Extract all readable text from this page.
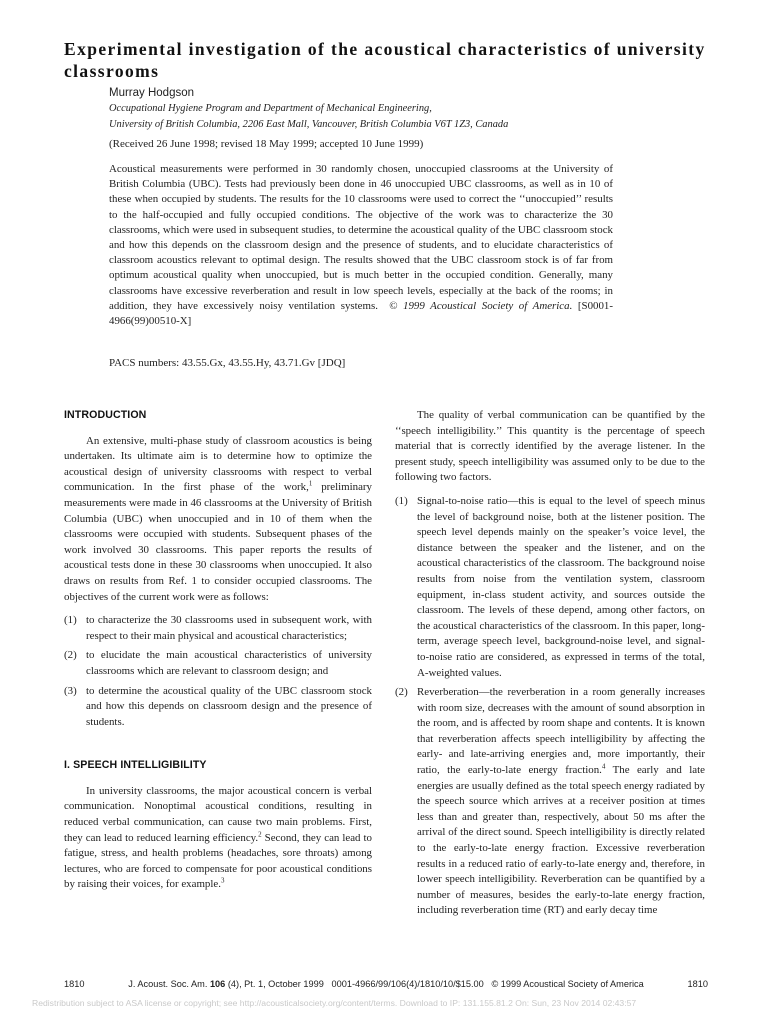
Experimental investigation of the acoustical characteristics of university classrooms
Murray Hodgson
Occupational Hygiene Program and Department of Mechanical Engineering,
University of British Columbia, 2206 East Mall, Vancouver, British Columbia V6T 1Z3, Canada
(Received 26 June 1998; revised 18 May 1999; accepted 10 June 1999)
Acoustical measurements were performed in 30 randomly chosen, unoccupied classrooms at the University of British Columbia (UBC). Tests had previously been done in 46 unoccupied UBC classrooms, as well as in 10 of these when occupied by students. The results for the 10 classrooms were used to correct the ‘‘unoccupied’’ results to the half-occupied and fully occupied conditions. The objective of the work was to characterize the 30 classrooms, which were used in subsequent studies, to determine the acoustical quality of the UBC classroom stock and how this depends on the classroom design and the presence of students, and to elucidate characteristics of classroom acoustics relevant to optimal design. The results showed that the UBC classroom stock is of far from optimum acoustical quality when unoccupied, but is much better in the occupied condition. Generally, many classrooms have excessive reverberation and result in low speech levels, especially at the back of the rooms; in addition, they have excessively noisy ventilation systems. © 1999 Acoustical Society of America. [S0001-4966(99)00510-X]
PACS numbers: 43.55.Gx, 43.55.Hy, 43.71.Gv [JDQ]
INTRODUCTION

An extensive, multi-phase study of classroom acoustics is being undertaken. Its ultimate aim is to determine how to optimize the acoustical design of university classrooms with respect to verbal communication. In the first phase of the work,$^1$ preliminary measurements were made in 46 classrooms at the University of British Columbia (UBC) when unoccupied and in 10 of them when the classrooms were occupied with students. Subsequent phases of the work involved 30 classrooms. This paper reports the results of acoustical tests done in these 30 classrooms when unoccupied. It also draws on results from Ref. 1 to consider occupied classrooms. The objectives of the current work were as follows:

(1) to characterize the 30 classrooms used in subsequent work, with respect to their main physical and acoustical characteristics;
(2) to elucidate the main acoustical characteristics of university classrooms which are relevant to classroom design; and
(3) to determine the acoustical quality of the UBC classroom stock and how this depends on classroom design and the presence of students.
I. SPEECH INTELLIGIBILITY

In university classrooms, the major acoustical concern is verbal communication. Nonoptimal acoustical conditions, resulting in reduced verbal communication, can cause two main problems. First, they can lead to reduced learning efficiency.$^2$ Second, they can lead to fatigue, stress, and health problems (headaches, sore throats) among lectures, who are forced to compensate for poor acoustical conditions by raising their voices, for example.$^3$

The quality of verbal communication can be quantified by the ‘‘speech intelligibility.’’ This quantity is the percentage of speech material that is correctly identified by the average listener. In the present study, speech intelligibility was assumed only to be due to the following two factors.

(1) Signal-to-noise ratio—this is equal to the level of speech minus the level of background noise, both at the listener position. The speech level depends mainly on the speaker’s voice level, the distance between the speaker and the listener, and on the acoustical characteristics of the classroom. The background noise results from noise from the ventilation system, classroom equipment, in-class student activity, and sources outside the classroom. The levels of these depend, among other factors, on the acoustical characteristics of the classroom. In this paper, long-term, average speech level, background-noise level, and signal-to-noise ratio are considered, as expressed in terms of the total, A-weighted values.
(2) Reverberation—the reverberation in a room generally increases with room size, decreases with the amount of sound absorption in the room, and is affected by room shape and contents. It is known that reverberation affects speech intelligibility by affecting the early- and late-arriving energies and, more importantly, their ratio, the early-to-late energy fraction.$^4$ The early and late energies are usually defined as the total speech energy radiated by the speech source which arrives at a receiver position at times less than and greater than, respectively, about 50 ms after the arrival of the direct sound. Speech intelligibility is directly related to the early-to-late energy fraction. Excessive reverberation results in a reduced ratio of early-to-late energy and, therefore, in lower speech intelligibility. Reverberation can be quantified by a number of measures, besides the early-to-late energy fraction, including reverberation time (RT) and early decay time
1810	J. Acoust. Soc. Am. 106 (4), Pt. 1, October 1999 0001-4966/99/106(4)/1810/10/$15.00 © 1999 Acoustical Society of America	1810
Redistribution subject to ASA license or copyright; see http://acousticalsociety.org/content/terms. Download to IP: 131.155.81.2 On: Sun, 23 Nov 2014 02:43:57
